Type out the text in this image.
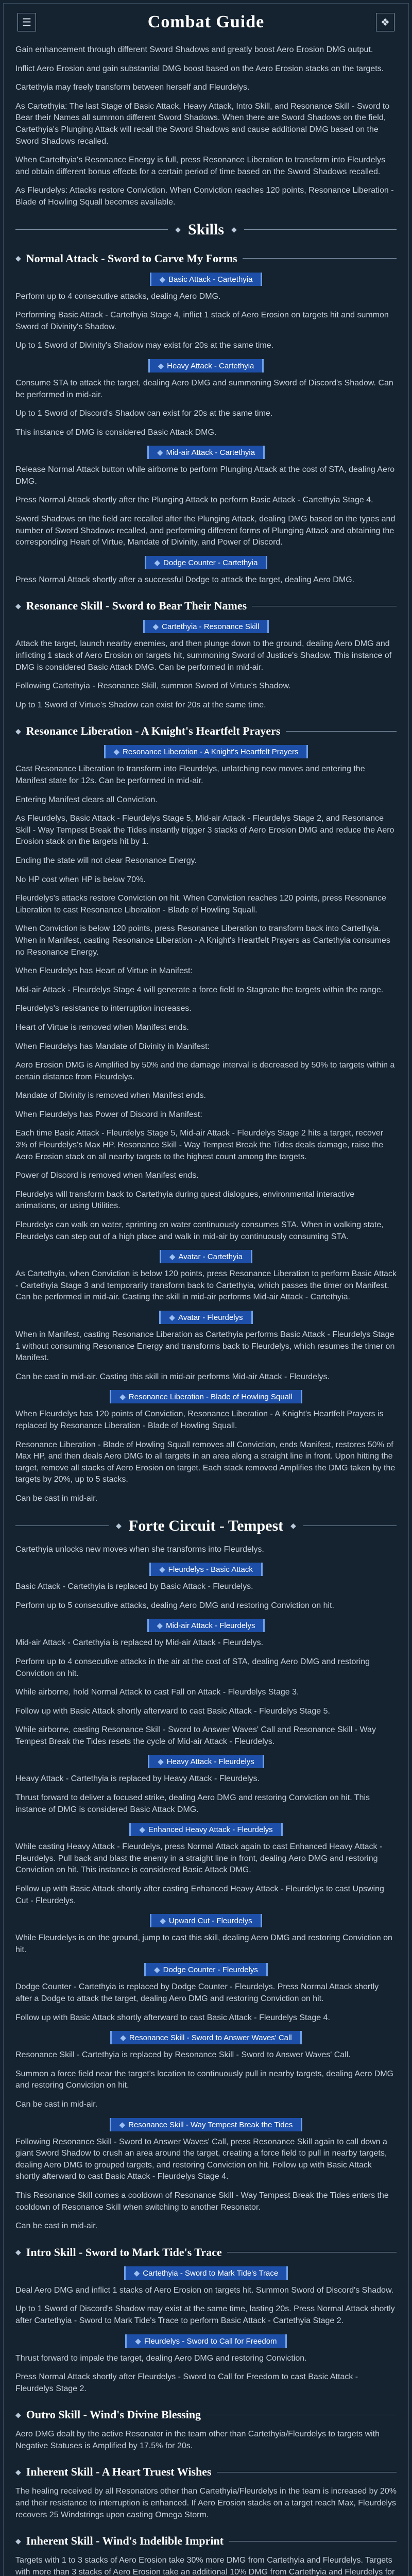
☰	Combat Guide	❖

Gain enhancement through different Sword Shadows and greatly boost Aero Erosion DMG output.

Inflict Aero Erosion and gain substantial DMG boost based on the Aero Erosion stacks on the targets.

Cartethyia may freely transform between herself and Fleurdelys.

As Cartethyia: The last Stage of Basic Attack, Heavy Attack, Intro Skill, and Resonance Skill - Sword to Bear their Names all summon different Sword Shadows. When there are Sword Shadows on the field, Cartethyia's Plunging Attack will recall the Sword Shadows and cause additional DMG based on the Sword Shadows recalled.

When Cartethyia's Resonance Energy is full, press Resonance Liberation to transform into Fleurdelys and obtain different bonus effects for a certain period of time based on the Sword Shadows recalled.

As Fleurdelys: Attacks restore Conviction. When Conviction reaches 120 points, Resonance Liberation - Blade of Howling Squall becomes available.

◆ Skills ◆
◆ Normal Attack - Sword to Carve My Forms
◆ Basic Attack - Cartethyia

Perform up to 4 consecutive attacks, dealing Aero DMG.

Performing Basic Attack - Cartethyia Stage 4, inflict 1 stack of Aero Erosion on targets hit and summon Sword of Divinity's Shadow.

Up to 1 Sword of Divinity's Shadow may exist for 20s at the same time.

◆ Heavy Attack - Cartethyia

Consume STA to attack the target, dealing Aero DMG and summoning Sword of Discord's Shadow. Can be performed in mid-air.

Up to 1 Sword of Discord's Shadow can exist for 20s at the same time.

This instance of DMG is considered Basic Attack DMG.

◆ Mid-air Attack - Cartethyia

Release Normal Attack button while airborne to perform Plunging Attack at the cost of STA, dealing Aero DMG.

Press Normal Attack shortly after the Plunging Attack to perform Basic Attack - Cartethyia Stage 4.

Sword Shadows on the field are recalled after the Plunging Attack, dealing DMG based on the types and number of Sword Shadows recalled, and performing different forms of Plunging Attack and obtaining the corresponding Heart of Virtue, Mandate of Divinity, and Power of Discord.

◆ Dodge Counter - Cartethyia

Press Normal Attack shortly after a successful Dodge to attack the target, dealing Aero DMG.

◆ Resonance Skill - Sword to Bear Their Names
◆ Cartethyia - Resonance Skill

Attack the target, launch nearby enemies, and then plunge down to the ground, dealing Aero DMG and inflicting 1 stack of Aero Erosion on targets hit, summoning Sword of Justice's Shadow. This instance of DMG is considered Basic Attack DMG. Can be performed in mid-air.

Following Cartethyia - Resonance Skill, summon Sword of Virtue's Shadow.

Up to 1 Sword of Virtue's Shadow can exist for 20s at the same time.

◆ Resonance Liberation - A Knight's Heartfelt Prayers
◆ Resonance Liberation - A Knight's Heartfelt Prayers

Cast Resonance Liberation to transform into Fleurdelys, unlatching new moves and entering the Manifest state for 12s. Can be performed in mid-air.

Entering Manifest clears all Conviction.

As Fleurdelys, Basic Attack - Fleurdelys Stage 5, Mid-air Attack - Fleurdelys Stage 2, and Resonance Skill - Way Tempest Break the Tides instantly trigger 3 stacks of Aero Erosion DMG and reduce the Aero Erosion stack on the targets hit by 1.

Ending the state will not clear Resonance Energy.

No HP cost when HP is below 70%.

Fleurdelys's attacks restore Conviction on hit. When Conviction reaches 120 points, press Resonance Liberation to cast Resonance Liberation - Blade of Howling Squall.

When Conviction is below 120 points, press Resonance Liberation to transform back into Cartethyia. When in Manifest, casting Resonance Liberation - A Knight's Heartfelt Prayers as Cartethyia consumes no Resonance Energy.

When Fleurdelys has Heart of Virtue in Manifest:

Mid-air Attack - Fleurdelys Stage 4 will generate a force field to Stagnate the targets within the range.

Fleurdelys's resistance to interruption increases.

Heart of Virtue is removed when Manifest ends.

When Fleurdelys has Mandate of Divinity in Manifest:

Aero Erosion DMG is Amplified by 50% and the damage interval is decreased by 50% to targets within a certain distance from Fleurdelys.

Mandate of Divinity is removed when Manifest ends.

When Fleurdelys has Power of Discord in Manifest:

Each time Basic Attack - Fleurdelys Stage 5, Mid-air Attack - Fleurdelys Stage 2 hits a target, recover 3% of Fleurdelys's Max HP. Resonance Skill - Way Tempest Break the Tides deals damage, raise the Aero Erosion stack on all nearby targets to the highest count among the targets.

Power of Discord is removed when Manifest ends.

Fleurdelys will transform back to Cartethyia during quest dialogues, environmental interactive animations, or using Utilities.

Fleurdelys can walk on water, sprinting on water continuously consumes STA. When in walking state, Fleurdelys can step out of a high place and walk in mid-air by continuously consuming STA.

◆ Avatar - Cartethyia

As Cartethyia, when Conviction is below 120 points, press Resonance Liberation to perform Basic Attack - Cartethyia Stage 3 and temporarily transform back to Cartethyia, which passes the timer on Manifest. Can be performed in mid-air. Casting the skill in mid-air performs Mid-air Attack - Cartethyia.

◆ Avatar - Fleurdelys

When in Manifest, casting Resonance Liberation as Cartethyia performs Basic Attack - Fleurdelys Stage 1 without consuming Resonance Energy and transforms back to Fleurdelys, which resumes the timer on Manifest.

Can be cast in mid-air. Casting this skill in mid-air performs Mid-air Attack - Fleurdelys.

◆ Resonance Liberation - Blade of Howling Squall

When Fleurdelys has 120 points of Conviction, Resonance Liberation - A Knight's Heartfelt Prayers is replaced by Resonance Liberation - Blade of Howling Squall.

Resonance Liberation - Blade of Howling Squall removes all Conviction, ends Manifest, restores 50% of Max HP, and then deals Aero DMG to all targets in an area along a straight line in front. Upon hitting the target, remove all stacks of Aero Erosion on target. Each stack removed Amplifies the DMG taken by the targets by 20%, up to 5 stacks.

Can be cast in mid-air.

◆ Forte Circuit - Tempest ◆

Cartethyia unlocks new moves when she transforms into Fleurdelys.

◆ Fleurdelys - Basic Attack

Basic Attack - Cartethyia is replaced by Basic Attack - Fleurdelys.

Perform up to 5 consecutive attacks, dealing Aero DMG and restoring Conviction on hit.

◆ Mid-air Attack - Fleurdelys

Mid-air Attack - Cartethyia is replaced by Mid-air Attack - Fleurdelys.

Perform up to 4 consecutive attacks in the air at the cost of STA, dealing Aero DMG and restoring Conviction on hit.

While airborne, hold Normal Attack to cast Fall on Attack - Fleurdelys Stage 3.

Follow up with Basic Attack shortly afterward to cast Basic Attack - Fleurdelys Stage 5.

While airborne, casting Resonance Skill - Sword to Answer Waves' Call and Resonance Skill - Way Tempest Break the Tides resets the cycle of Mid-air Attack - Fleurdelys.

◆ Heavy Attack - Fleurdelys

Heavy Attack - Cartethyia is replaced by Heavy Attack - Fleurdelys.

Thrust forward to deliver a focused strike, dealing Aero DMG and restoring Conviction on hit. This instance of DMG is considered Basic Attack DMG.

◆ Enhanced Heavy Attack - Fleurdelys

While casting Heavy Attack - Fleurdelys, press Normal Attack again to cast Enhanced Heavy Attack - Fleurdelys. Pull back and blast the enemy in a straight line in front, dealing Aero DMG and restoring Conviction on hit. This instance is considered Basic Attack DMG.

Follow up with Basic Attack shortly after casting Enhanced Heavy Attack - Fleurdelys to cast Upswing Cut - Fleurdelys.

◆ Upward Cut - Fleurdelys

While Fleurdelys is on the ground, jump to cast this skill, dealing Aero DMG and restoring Conviction on hit.

◆ Dodge Counter - Fleurdelys

Dodge Counter - Cartethyia is replaced by Dodge Counter - Fleurdelys. Press Normal Attack shortly after a Dodge to attack the target, dealing Aero DMG and restoring Conviction on hit.

Follow up with Basic Attack shortly afterward to cast Basic Attack - Fleurdelys Stage 4.

◆ Resonance Skill - Sword to Answer Waves' Call

Resonance Skill - Cartethyia is replaced by Resonance Skill - Sword to Answer Waves' Call.

Summon a force field near the target's location to continuously pull in nearby targets, dealing Aero DMG and restoring Conviction on hit.

Can be cast in mid-air.

◆ Resonance Skill - Way Tempest Break the Tides

Following Resonance Skill - Sword to Answer Waves' Call, press Resonance Skill again to call down a giant Sword Shadow to crush an area around the target, creating a force field to pull in nearby targets, dealing Aero DMG to grouped targets, and restoring Conviction on hit. Follow up with Basic Attack shortly afterward to cast Basic Attack - Fleurdelys Stage 4.

This Resonance Skill comes a cooldown of Resonance Skill - Way Tempest Break the Tides enters the cooldown of Resonance Skill when switching to another Resonator.

Can be cast in mid-air.

◆ Intro Skill - Sword to Mark Tide's Trace
◆ Cartethyia - Sword to Mark Tide's Trace

Deal Aero DMG and inflict 1 stacks of Aero Erosion on targets hit. Summon Sword of Discord's Shadow.

Up to 1 Sword of Discord's Shadow may exist at the same time, lasting 20s. Press Normal Attack shortly after Cartethyia - Sword to Mark Tide's Trace to perform Basic Attack - Cartethyia Stage 2.

◆ Fleurdelys - Sword to Call for Freedom

Thrust forward to impale the target, dealing Aero DMG and restoring Conviction.

Press Normal Attack shortly after Fleurdelys - Sword to Call for Freedom to cast Basic Attack - Fleurdelys Stage 2.

◆ Outro Skill - Wind's Divine Blessing

Aero DMG dealt by the active Resonator in the team other than Cartethyia/Fleurdelys to targets with Negative Statuses is Amplified by 17.5% for 20s.

◆ Inherent Skill - A Heart Truest Wishes

The healing received by all Resonators other than Cartethyia/Fleurdelys in the team is increased by 20% and their resistance to interruption is enhanced. If Aero Erosion stacks on a target reach Max, Fleurdelys recovers 25 Windstrings upon casting Omega Storm.

◆ Inherent Skill - Wind's Indelible Imprint

Targets with 1 to 3 stacks of Aero Erosion take 30% more DMG from Cartethyia and Fleurdelys. Targets with more than 3 stacks of Aero Erosion take an additional 10% DMG from Cartethyia and Fleurdelys for
